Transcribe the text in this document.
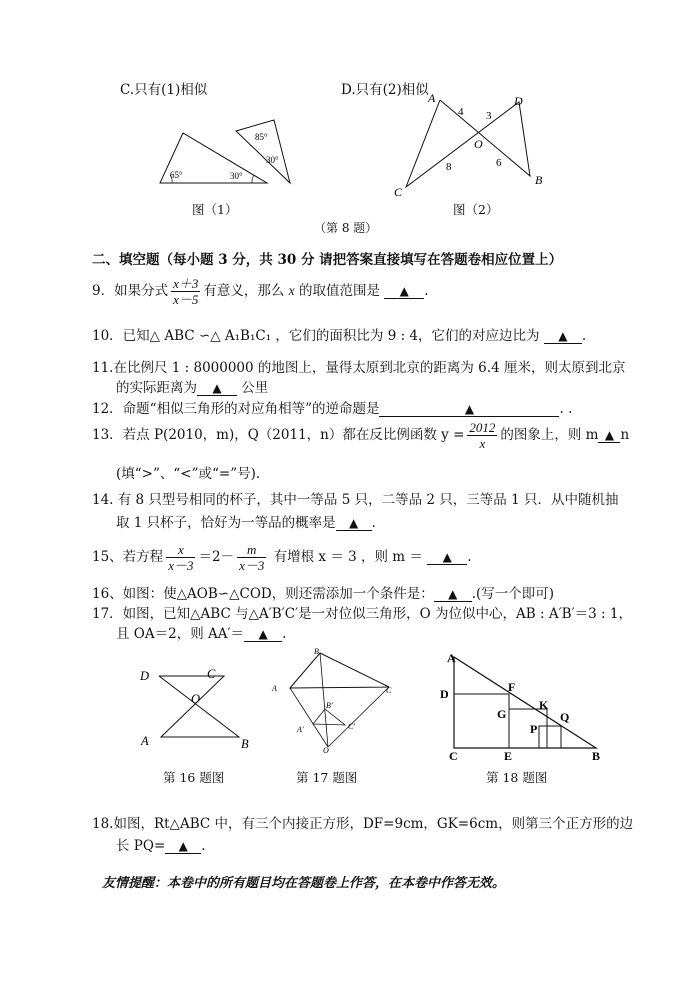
C.只有(1)相似	D.只有(2)相似
65°	30°
85°
30°
图（1）
A	D
C
B
O
4 3
8	6
图（2）
（第 8 题）
二、填空题（每小题 3 分，共 30 分 请把答案直接填写在答题卷相应位置上）
9．如果分式 $\frac{x+3}{x-5}$ 有意义，那么 x 的取值范围是 ▲ .
10．已知△ ABC ∽△ A₁B₁C₁ ，它们的面积比为 9 : 4，它们的对应边比为 ▲ .
11.在比例尺 1 : 8000000 的地图上，量得太原到北京的距离为 6.4 厘米，则太原到北京
的实际距离为 ▲ 公里
12．命题“相似三角形的对应角相等”的逆命题是	▲	. .
13．若点 P(2010，m)，Q（2011，n）都在反比例函数 $y = \frac{2012}{x}$ 的图象上，则 m ▲ n
(填“>”、“<”或“=”号).
14. 有 8 只型号相同的杯子，其中一等品 5 只，二等品 2 只，三等品 1 只．从中随机抽
取 1 只杯子，恰好为一等品的概率是 ▲ .
15、若方程 $\frac{x}{x-3} =2- \frac{m}{x-3}$ 有增根 x ＝ 3 ，则 m ＝ ▲ .
16、如图：使△AOB∽△COD，则还需添加一个条件是： ▲ .(写一个即可)
17．如图，已知△ABC 与△A′B′C′是一对位似三角形，O 为位似中心，AB : A′B′＝3 : 1，
且 OA＝2，则 AA′＝ ▲ .
D	C
O
A	B
第 16 题图
B
A	C
B′
A′	C′
O
第 17 题图
A
D	F
G
K
P
Q
C	E	B
第 18 题图
18.如图，Rt△ABC 中，有三个内接正方形，DF=9cm，GK=6cm，则第三个正方形的边
长 PQ= ▲ .
友情提醒：本卷中的所有题目均在答题卷上作答，在本卷中作答无效。
